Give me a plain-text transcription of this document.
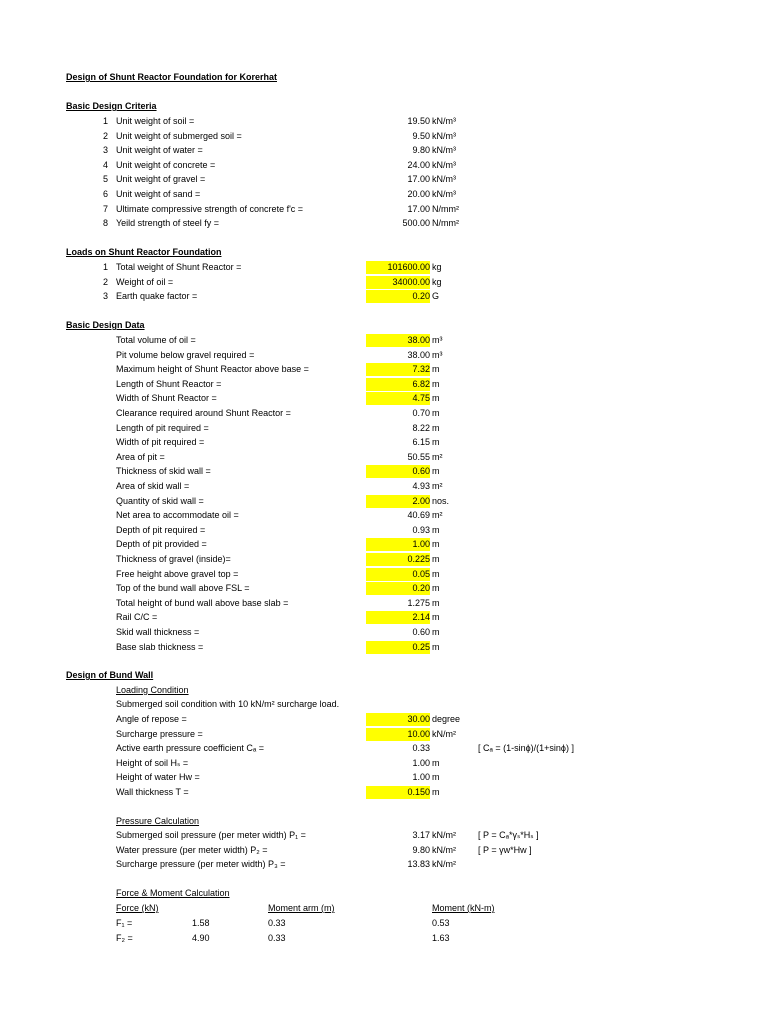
Design of Shunt Reactor Foundation for Korerhat
Basic Design Criteria
1 Unit weight of soil =	19.50 kN/m³
2 Unit weight of submerged soil =	9.50 kN/m³
3 Unit weight of water =	9.80 kN/m³
4 Unit weight of concrete =	24.00 kN/m³
5 Unit weight of gravel =	17.00 kN/m³
6 Unit weight of sand =	20.00 kN/m³
7 Ultimate compressive strength of concrete f'c =	17.00 N/mm²
8 Yeild strength of steel fy =	500.00 N/mm²
Loads on Shunt Reactor Foundation
1 Total weight of Shunt Reactor =	101600.00 kg
2 Weight of oil =	34000.00 kg
3 Earth quake factor =	0.20 G
Basic Design Data
Total volume of oil =	38.00 m³
Pit volume below gravel required =	38.00 m³
Maximum height of Shunt Reactor above base =	7.32 m
Length of Shunt Reactor =	6.82 m
Width of Shunt Reactor =	4.75 m
Clearance required around Shunt Reactor =	0.70 m
Length of pit required =	8.22 m
Width of pit required =	6.15 m
Area of pit =	50.55 m²
Thickness of skid wall =	0.60 m
Area of skid wall =	4.93 m²
Quantity of skid wall =	2.00 nos.
Net area to accommodate oil =	40.69 m²
Depth of pit required =	0.93 m
Depth of pit provided =	1.00 m
Thickness of gravel (inside)=	0.225 m
Free height above gravel top =	0.05 m
Top of the bund wall above FSL =	0.20 m
Total height of bund wall above base slab =	1.275 m
Rail C/C =	2.14 m
Skid wall thickness =	0.60 m
Base slab thickness =	0.25 m
Design of Bund Wall
Loading Condition
Submerged soil condition with 10 kN/m² surcharge load.
Angle of repose =	30.00 degree
Surcharge pressure =	10.00 kN/m²
Active earth pressure coefficient Cₐ =	0.33	[ Cₐ = (1-sinϕ)/(1+sinϕ) ]
Height of soil Hₛ =	1.00 m
Height of water Hw =	1.00 m
Wall thickness T =	0.150 m
Pressure Calculation
Submerged soil pressure (per meter width) P₁ =	3.17 kN/m² [ P = Cₐ*γₛ*Hₛ ]
Water pressure (per meter width) P₂ =	9.80 kN/m² [ P = γw*Hw ]
Surcharge pressure (per meter width) P₃ =	13.83 kN/m²
Force & Moment Calculation
Force (kN)	Moment arm (m)	Moment (kN-m)
F₁ =	1.58	0.33	0.53
F₂ =	4.90	0.33	1.63
